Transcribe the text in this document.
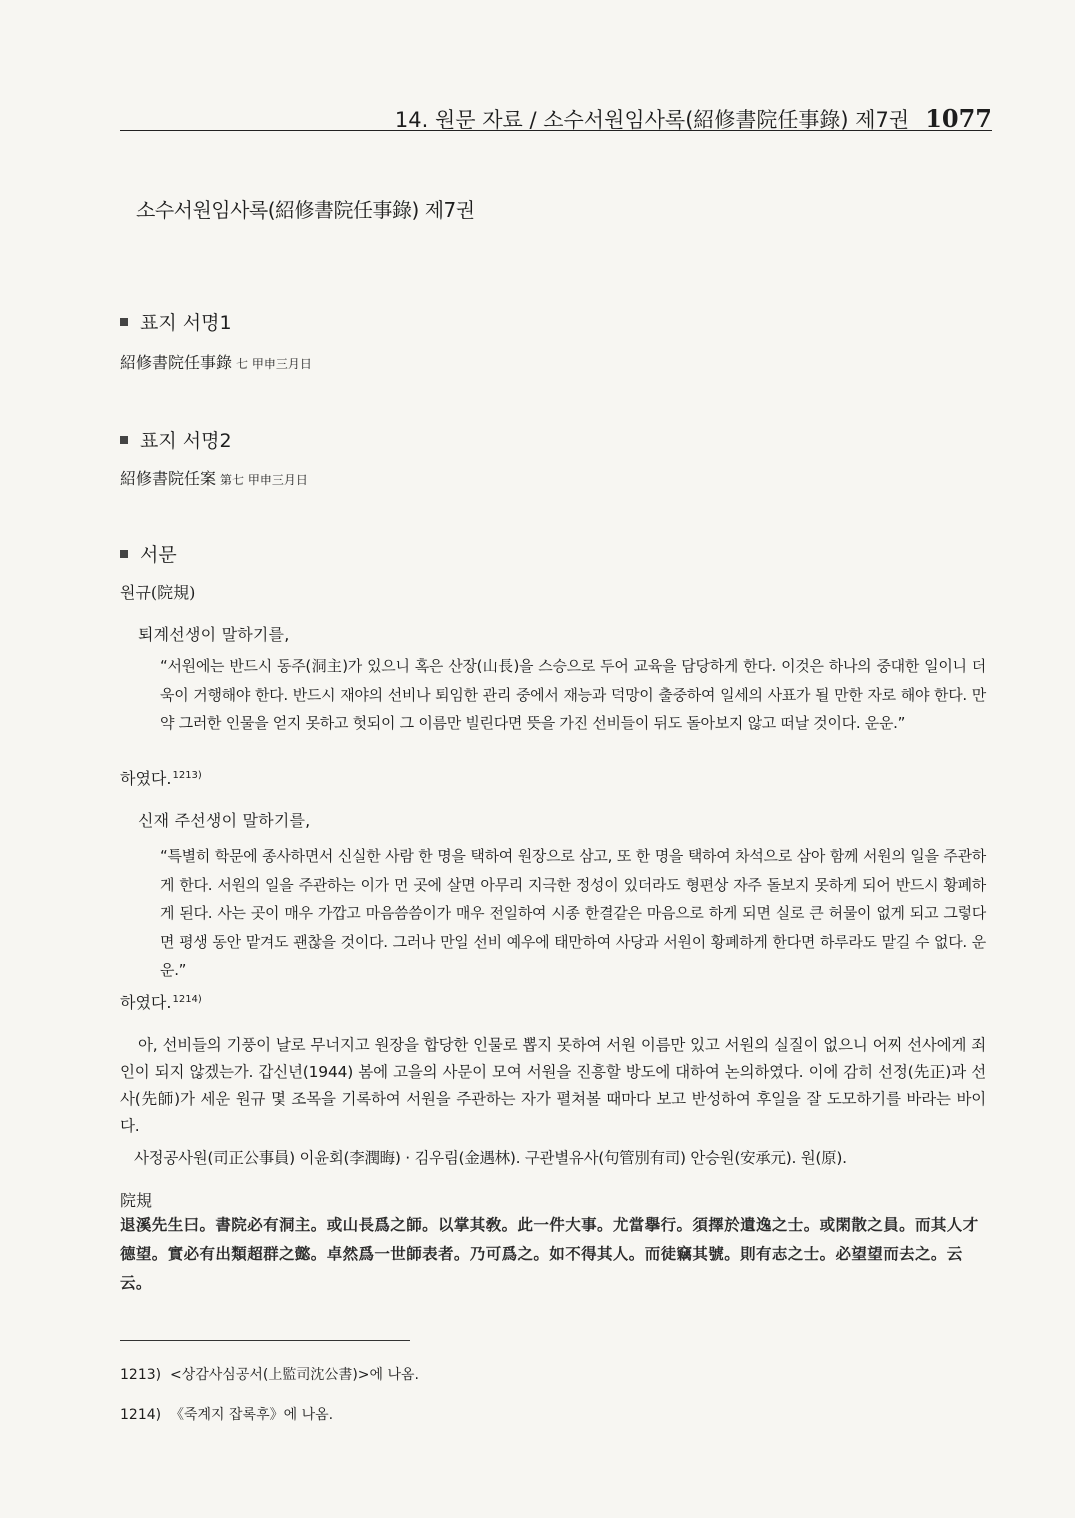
14. 원문 자료 / 소수서원임사록(紹修書院任事錄) 제7권 1077
소수서원임사록(紹修書院任事錄) 제7권
표지 서명1
紹修書院任事錄 七 甲申三月日
표지 서명2
紹修書院任案 第七 甲申三月日
서문
원규(院規)
퇴계선생이 말하기를,
“서원에는 반드시 동주(洞主)가 있으니 혹은 산장(山長)을 스승으로 두어 교육을 담당하게 한다. 이것은 하나의 중대한 일이니 더욱이 거행해야 한다. 반드시 재야의 선비나 퇴임한 관리 중에서 재능과 덕망이 출중하여 일세의 사표가 될 만한 자로 해야 한다. 만약 그러한 인물을 얻지 못하고 헛되이 그 이름만 빌린다면 뜻을 가진 선비들이 뒤도 돌아보지 않고 떠날 것이다. 운운.”
하였다.$^{1213)}$
신재 주선생이 말하기를,
“특별히 학문에 종사하면서 신실한 사람 한 명을 택하여 원장으로 삼고, 또 한 명을 택하여 차석으로 삼아 함께 서원의 일을 주관하게 한다. 서원의 일을 주관하는 이가 먼 곳에 살면 아무리 지극한 정성이 있더라도 형편상 자주 돌보지 못하게 되어 반드시 황폐하게 된다. 사는 곳이 매우 가깝고 마음씀씀이가 매우 전일하여 시종 한결같은 마음으로 하게 되면 실로 큰 허물이 없게 되고 그렇다면 평생 동안 맡겨도 괜찮을 것이다. 그러나 만일 선비 예우에 태만하여 사당과 서원이 황폐하게 한다면 하루라도 맡길 수 없다. 운운.”
하였다.$^{1214)}$
아, 선비들의 기풍이 날로 무너지고 원장을 합당한 인물로 뽑지 못하여 서원 이름만 있고 서원의 실질이 없으니 어찌 선사에게 죄인이 되지 않겠는가. 갑신년(1944) 봄에 고을의 사문이 모여 서원을 진흥할 방도에 대하여 논의하였다. 이에 감히 선정(先正)과 선사(先師)가 세운 원규 몇 조목을 기록하여 서원을 주관하는 자가 펼쳐볼 때마다 보고 반성하여 후일을 잘 도모하기를 바라는 바이다.
사정공사원(司正公事員) 이윤회(李潤晦) · 김우림(金遇林). 구관별유사(句管別有司) 안승원(安承元). 원(原).
院規
退溪先生曰。書院必有洞主。或山長爲之師。以掌其敎。此一件大事。尤當擧行。須擇於遺逸之士。或閑散之員。而其人才德望。實必有出類超群之懿。卓然爲一世師表者。乃可爲之。如不得其人。而徒竊其號。則有志之士。必望望而去之。云云。
1213) <상감사심공서(上監司沈公書)>에 나옴.
1214) 《죽계지 잡록후》에 나옴.
